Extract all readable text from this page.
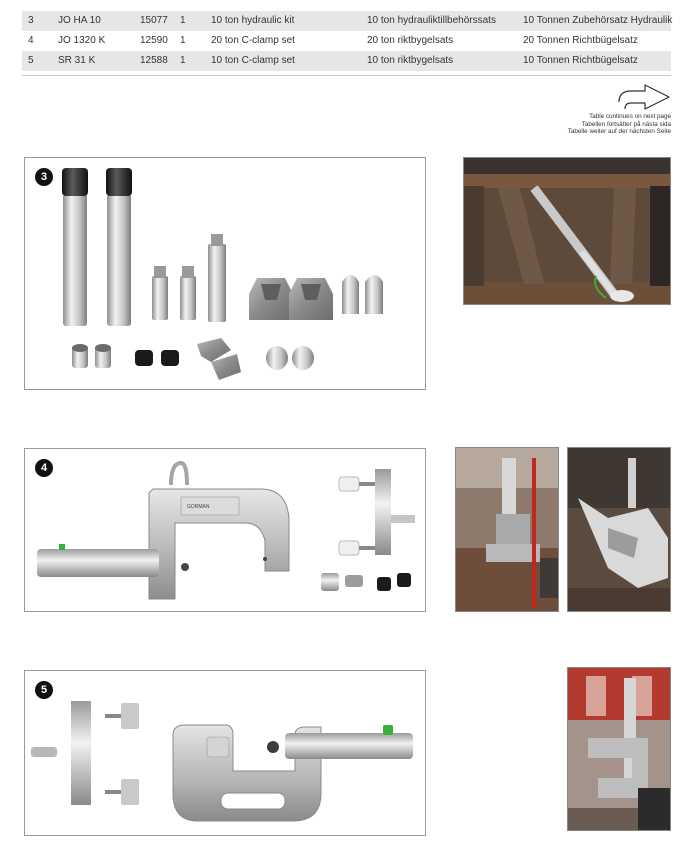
3 JO HA 10	15077 1	10 ton hydraulic kit	10 ton hydrauliktillbehörssats	10 Tonnen Zubehörsatz Hydraulik
4 JO 1320 K	12590 1	20 ton C-clamp set	20 ton riktbygelsats	20 Tonnen Richtbügelsatz
5 SR 31 K	12588 1	10 ton C-clamp set	10 ton riktbygelsats	10 Tonnen Richtbügelsatz
Table continues on next page
Tabellen fortsätter på nästa sida
Tabelle weiter auf der nächsten Seite
3
4
GORMAN
5
